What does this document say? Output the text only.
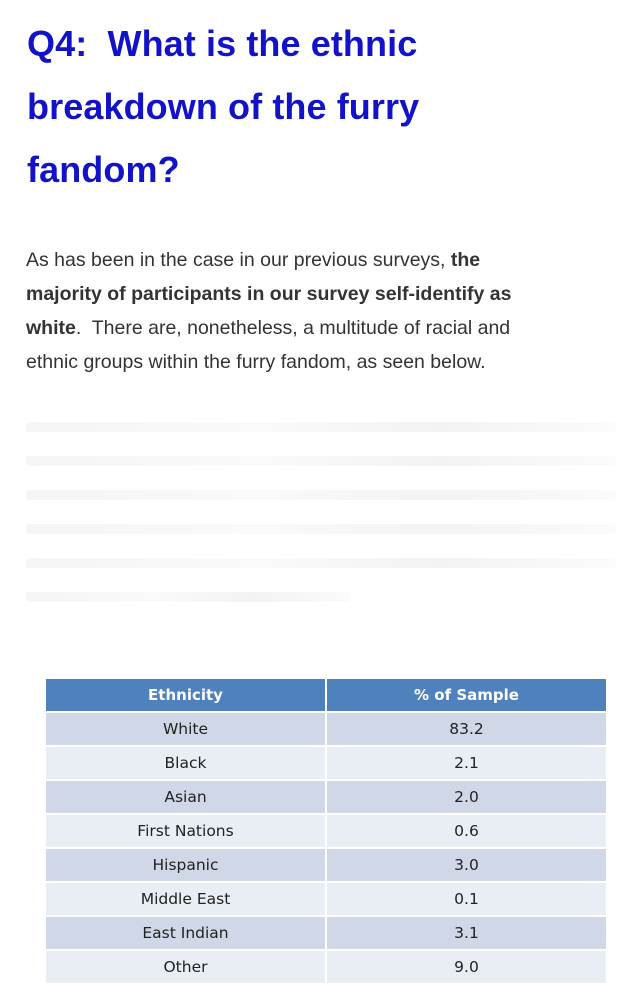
Q4:  What is the ethnic
breakdown of the furry
fandom?

As has been in the case in our previous surveys, the
majority of participants in our survey self-identify as
white.  There are, nonetheless, a multitude of racial and
ethnic groups within the furry fandom, as seen below.

Ethnicity	% of Sample
White	83.2
Black	2.1
Asian	2.0
First Nations	0.6
Hispanic	3.0
Middle East	0.1
East Indian	3.1
Other	9.0
